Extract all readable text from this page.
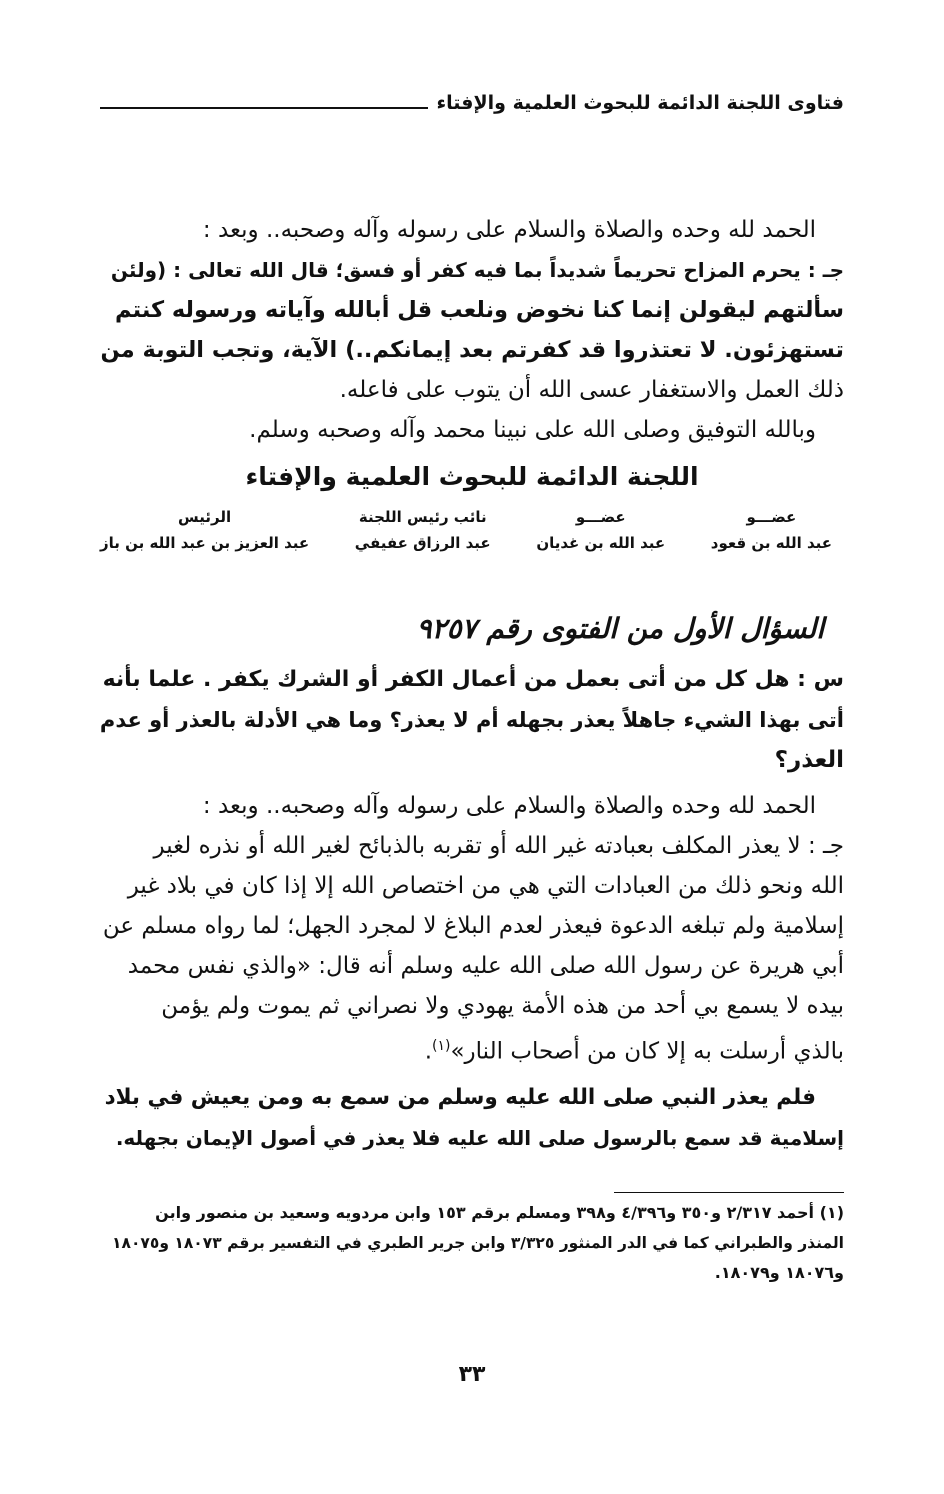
فتاوى اللجنة الدائمة للبحوث العلمية والإفتاء

الحمد لله وحده والصلاة والسلام على رسوله وآله وصحبه.. وبعد :

جـ : يحرم المزاح تحريماً شديداً بما فيه كفر أو فسق؛ قال الله تعالى : (ولئن

سألتهم ليقولن إنما كنا نخوض ونلعب قل أبالله وآياته ورسوله كنتم

تستهزئون. لا تعتذروا قد كفرتم بعد إيمانكم..) الآية، وتجب التوبة من

ذلك العمل والاستغفار عسى الله أن يتوب على فاعله.

وبالله التوفيق وصلى الله على نبينا محمد وآله وصحبه وسلم.

اللجنة الدائمة للبحوث العلمية والإفتاء
عضـــو
عبد الله بن قعود
عضـــو
عبد الله بن غديان
نائب رئيس اللجنة
عبد الرزاق عفيفي
الرئيس
عبد العزيز بن عبد الله بن باز
السؤال الأول من الفتوى رقم ٩٢٥٧

س : هل كل من أتى بعمل من أعمال الكفر أو الشرك يكفر . علما بأنه

أتى بهذا الشيء جاهلاً يعذر بجهله أم لا يعذر؟ وما هي الأدلة بالعذر أو عدم

العذر؟

الحمد لله وحده والصلاة والسلام على رسوله وآله وصحبه.. وبعد :

جـ : لا يعذر المكلف بعبادته غير الله أو تقربه بالذبائح لغير الله أو نذره لغير

الله ونحو ذلك من العبادات التي هي من اختصاص الله إلا إذا كان في بلاد غير

إسلامية ولم تبلغه الدعوة فيعذر لعدم البلاغ لا لمجرد الجهل؛ لما رواه مسلم عن

أبي هريرة عن رسول الله صلى الله عليه وسلم أنه قال: «والذي نفس محمد

بيده لا يسمع بي أحد من هذه الأمة يهودي ولا نصراني ثم يموت ولم يؤمن

بالذي أرسلت به إلا كان من أصحاب النار»$^{(١)}$.

فلم يعذر النبي صلى الله عليه وسلم من سمع به ومن يعيش في بلاد

إسلامية قد سمع بالرسول صلى الله عليه فلا يعذر في أصول الإيمان بجهله.

(١) أحمد ٢/٣١٧ و٣٥٠ و٤/٣٩٦ و٣٩٨ ومسلم برقم ١٥٣ وابن مردويه وسعيد بن منصور وابن

المنذر والطبراني كما في الدر المنثور ٣/٣٢٥ وابن جرير الطبري في التفسير برقم ١٨٠٧٣ و١٨٠٧٥

و١٨٠٧٦ و١٨٠٧٩.

٣٣
